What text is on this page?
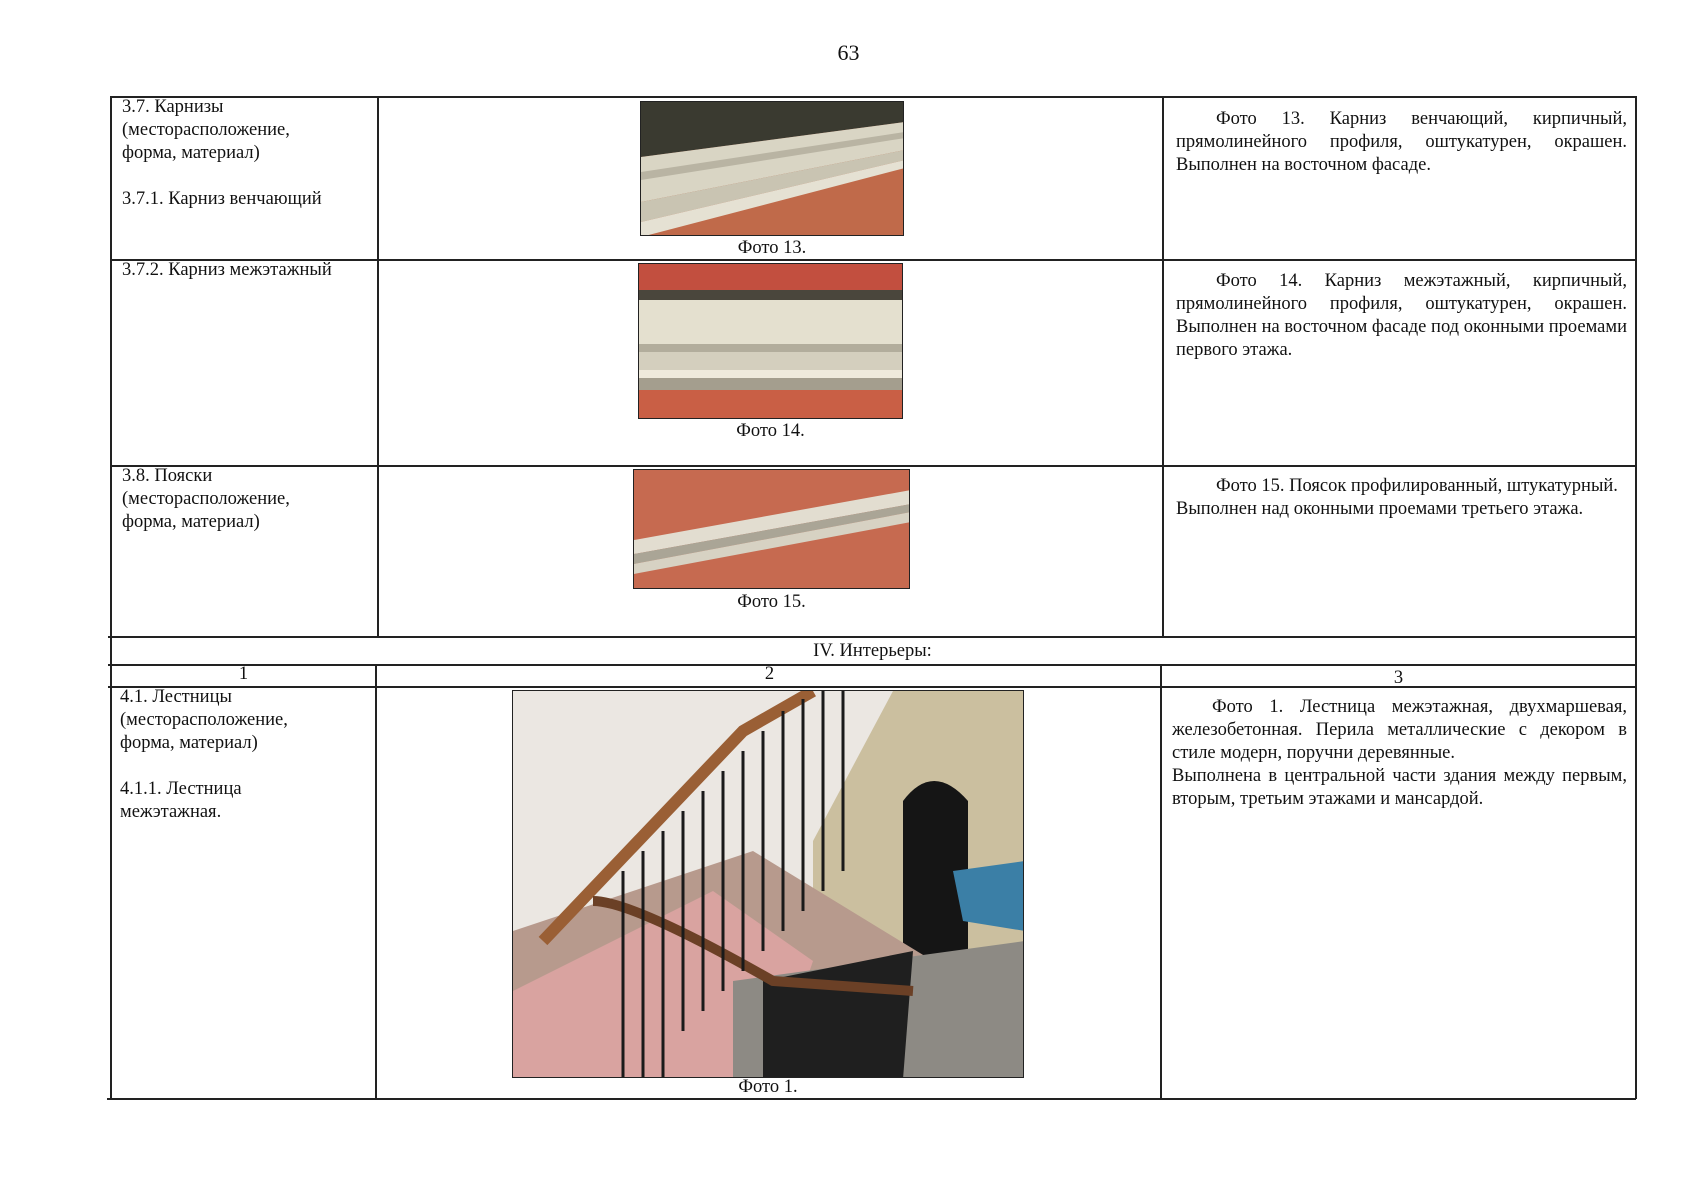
63
3.7. Карнизы
(месторасположение,
форма, материал)

3.7.1. Карниз венчающий
Фото 13.

Фото 13. Карниз венчающий, кирпичный, прямолинейного профиля, оштукатурен, окрашен. Выполнен на восточном фасаде.

3.7.2. Карниз межэтажный
Фото 14.

Фото 14. Карниз межэтажный, кирпичный, прямолинейного профиля, оштукатурен, окрашен. Выполнен на восточном фасаде под оконными проемами первого этажа.

3.8. Пояски
(месторасположение,
форма, материал)
Фото 15.

Фото 15. Поясок профилированный, штукатурный.

Выполнен над оконными проемами третьего этажа.

IV. Интерьеры:
1	2	3
4.1. Лестницы
(месторасположение,
форма, материал)

4.1.1. Лестница
межэтажная.
Фото 1.

Фото 1. Лестница межэтажная, двухмаршевая, железобетонная. Перила металлические с декором в стиле модерн, поручни деревянные.

Выполнена в центральной части здания между первым, вторым, третьим этажами и мансардой.
